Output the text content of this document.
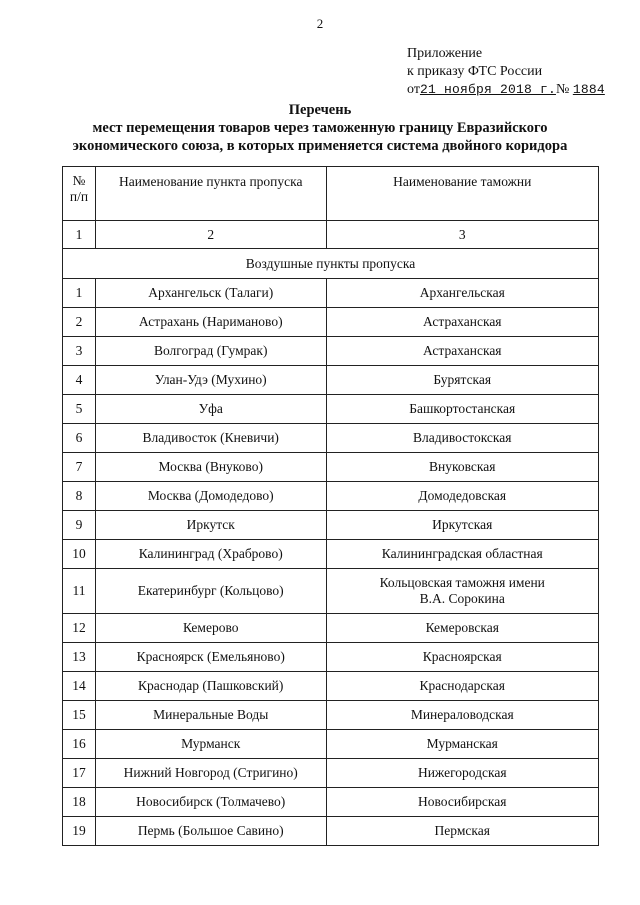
2
Приложение
к приказу ФТС России
от21 ноября 2018 г.№ 1884
Перечень
мест перемещения товаров через таможенную границу Евразийского
экономического союза, в которых применяется система двойного коридора
№ п/п	Наименование пункта пропуска	Наименование таможни
1	2	3
Воздушные пункты пропуска		
1	Архангельск (Талаги)	Архангельская
2	Астрахань (Нариманово)	Астраханская
3	Волгоград (Гумрак)	Астраханская
4	Улан-Удэ (Мухино)	Бурятская
5	Уфа	Башкортостанская
6	Владивосток (Кневичи)	Владивостокская
7	Москва (Внуково)	Внуковская
8	Москва (Домодедово)	Домодедовская
9	Иркутск	Иркутская
10	Калининград (Храброво)	Калининградская областная
11	Екатеринбург (Кольцово)	Кольцовская таможня имени
В.А. Сорокина

12	Кемерово	Кемеровская
13	Красноярск (Емельяново)	Красноярская
14	Краснодар (Пашковский)	Краснодарская
15	Минеральные Воды	Минераловодская
16	Мурманск	Мурманская
17	Нижний Новгород (Стригино)	Нижегородская
18	Новосибирск (Толмачево)	Новосибирская
19	Пермь (Большое Савино)	Пермская
